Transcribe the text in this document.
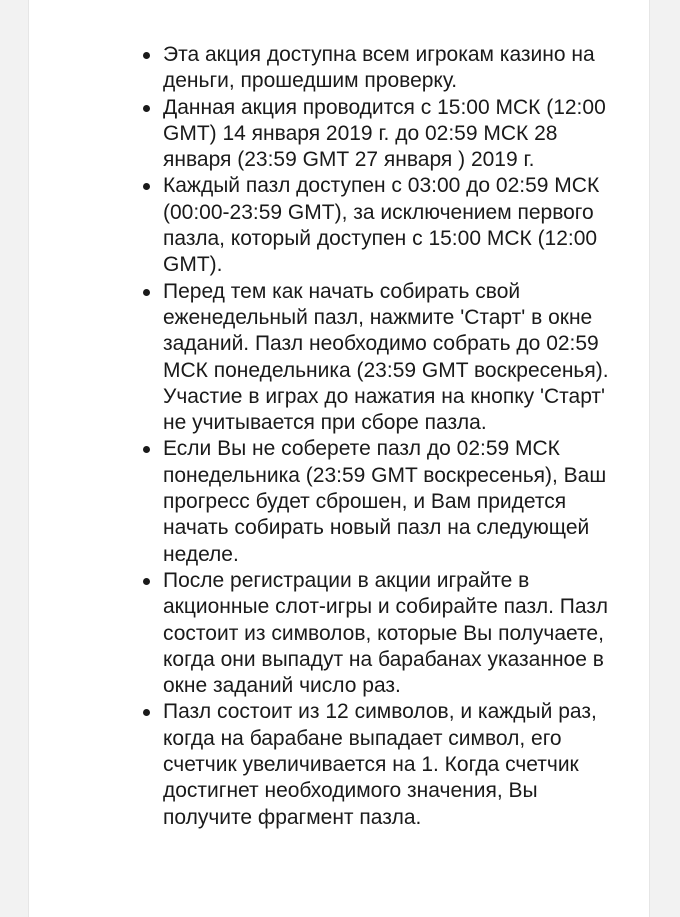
Эта акция доступна всем игрокам казино на деньги, прошедшим проверку.
Данная акция проводится с 15:00 МСК (12:00 GMT) 14 января 2019 г. до 02:59 МСК 28 января (23:59 GMT 27 января ) 2019 г.
Каждый пазл доступен с 03:00 до 02:59 МСК (00:00-23:59 GMT), за исключением первого пазла, который доступен с 15:00 МСК (12:00 GMT).
Перед тем как начать собирать свой еженедельный пазл, нажмите 'Старт' в окне заданий. Пазл необходимо собрать до 02:59 МСК понедельника (23:59 GMT воскресенья). Участие в играх до нажатия на кнопку 'Старт' не учитывается при сборе пазла.
Если Вы не соберете пазл до 02:59 МСК понедельника (23:59 GMT воскресенья), Ваш прогресс будет сброшен, и Вам придется начать собирать новый пазл на следующей неделе.
После регистрации в акции играйте в акционные слот-игры и собирайте пазл. Пазл состоит из символов, которые Вы получаете, когда они выпадут на барабанах указанное в окне заданий число раз.
Пазл состоит из 12 символов, и каждый раз, когда на барабане выпадает символ, его счетчик увеличивается на 1. Когда счетчик достигнет необходимого значения, Вы получите фрагмент пазла.
